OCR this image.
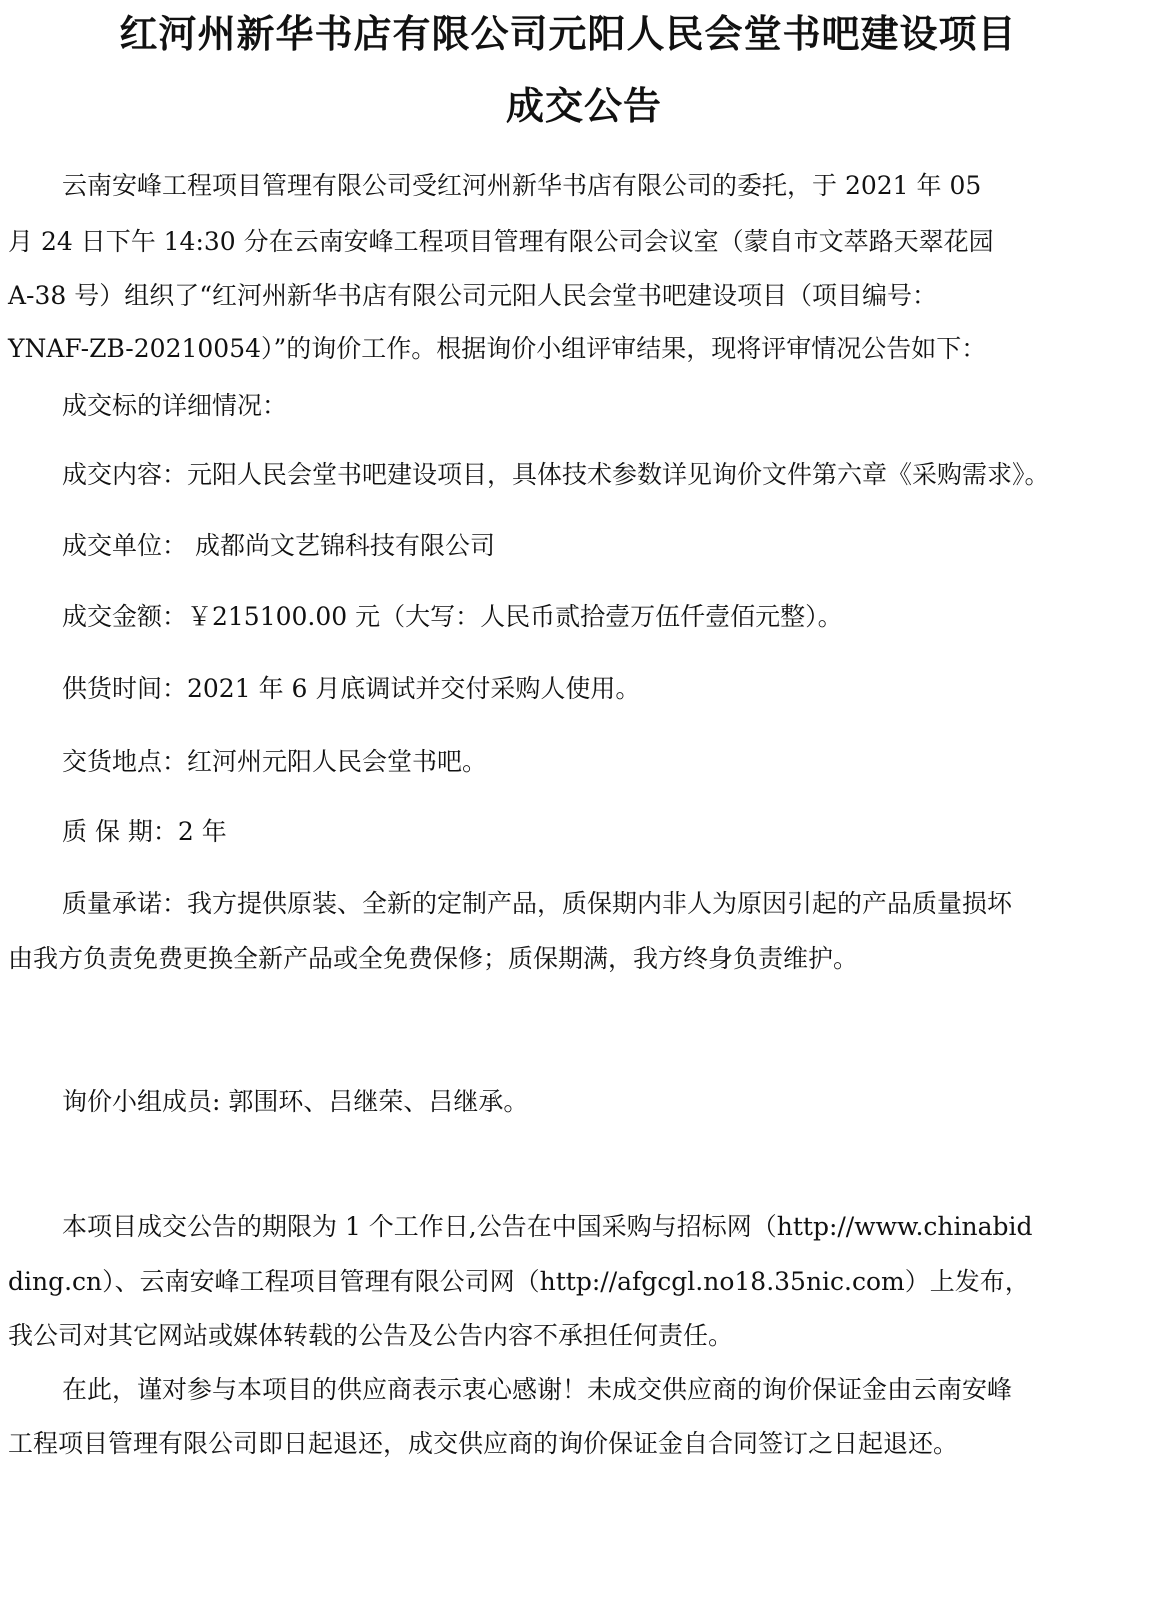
红河州新华书店有限公司元阳人民会堂书吧建设项目
成交公告
云南安峰工程项目管理有限公司受红河州新华书店有限公司的委托，于 2021 年 05
月 24 日下午 14:30 分在云南安峰工程项目管理有限公司会议室（蒙自市文萃路天翠花园
A-38 号）组织了“红河州新华书店有限公司元阳人民会堂书吧建设项目（项目编号：
YNAF-ZB-20210054）”的询价工作。根据询价小组评审结果，现将评审情况公告如下：
成交标的详细情况：
成交内容：元阳人民会堂书吧建设项目，具体技术参数详见询价文件第六章《采购需求》。
成交单位： 成都尚文艺锦科技有限公司
成交金额：￥215100.00 元（大写：人民币贰拾壹万伍仟壹佰元整）。
供货时间：2021 年 6 月底调试并交付采购人使用。
交货地点：红河州元阳人民会堂书吧。
质 保 期：2 年
质量承诺：我方提供原装、全新的定制产品，质保期内非人为原因引起的产品质量损坏
由我方负责免费更换全新产品或全免费保修；质保期满，我方终身负责维护。
询价小组成员: 郭围环、吕继荣、吕继承。
本项目成交公告的期限为 1 个工作日,公告在中国采购与招标网（http://www.chinabid
ding.cn）、云南安峰工程项目管理有限公司网（http://afgcgl.no18.35nic.com）上发布，
我公司对其它网站或媒体转载的公告及公告内容不承担任何责任。
在此，谨对参与本项目的供应商表示衷心感谢！未成交供应商的询价保证金由云南安峰
工程项目管理有限公司即日起退还，成交供应商的询价保证金自合同签订之日起退还。
